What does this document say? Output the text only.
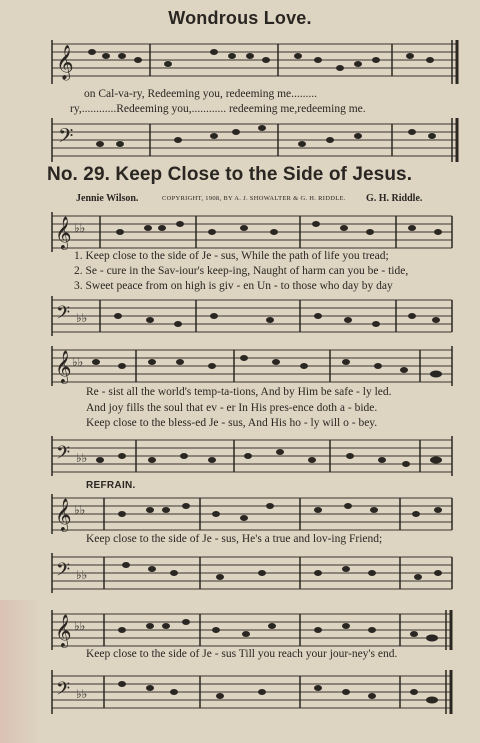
Wondrous Love.
𝄞
on Cal-va-ry, Redeeming you, redeeming me.........
ry,............Redeeming you,............ redeeming me,redeeming me.
𝄢
No. 29. Keep Close to the Side of Jesus.
Jennie Wilson.	COPYRIGHT, 1908, BY A. J. SHOWALTER & G. H. RIDDLE. G. H. Riddle.
𝄞 ♭♭
1. Keep close to the side of Je - sus, While the path of life you tread;
2. Se - cure in the Sav-iour's keep-ing, Naught of harm can you be - tide,
3. Sweet peace from on high is giv - en Un - to those who day by day
𝄢 ♭♭
𝄞 ♭♭
Re - sist all the world's temp-ta-tions, And by Him be safe - ly led.
And joy fills the soul that ev - er In His pres-ence doth a - bide.
Keep close to the bless-ed Je - sus, And His ho - ly will o - bey.
𝄢 ♭♭
REFRAIN.
𝄞 ♭♭
Keep close to the side of Je - sus, He's a true and lov-ing Friend;
𝄢 ♭♭
𝄞 ♭♭
Keep close to the side of Je - sus Till you reach your jour-ney's end.
𝄢 ♭♭
